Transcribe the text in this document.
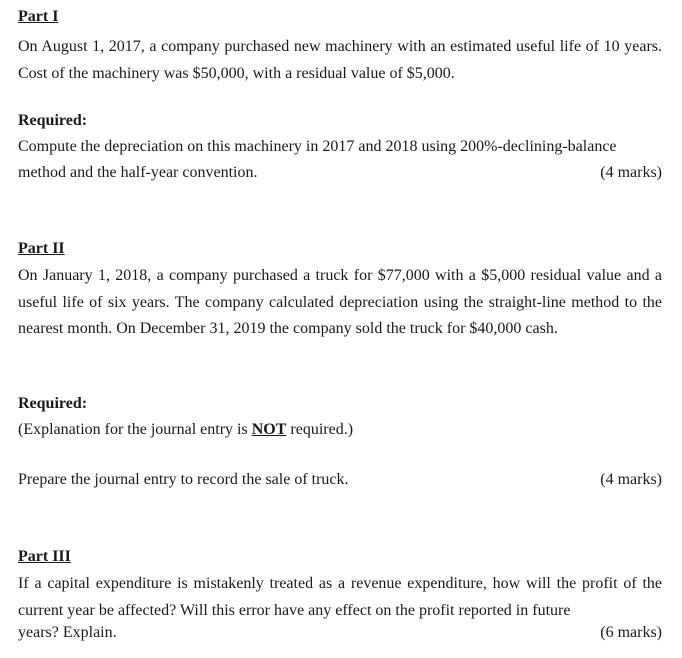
Part I
On August 1, 2017, a company purchased new machinery with an estimated useful life of 10 years. Cost of the machinery was $50,000, with a residual value of $5,000.
Required:
Compute the depreciation on this machinery in 2017 and 2018 using 200%-declining-balance
method and the half-year convention.	(4 marks)
Part II
On January 1, 2018, a company purchased a truck for $77,000 with a $5,000 residual value and a useful life of six years. The company calculated depreciation using the straight-line method to the nearest month. On December 31, 2019 the company sold the truck for $40,000 cash.
Required:
(Explanation for the journal entry is NOT required.)
Prepare the journal entry to record the sale of truck.	(4 marks)
Part III
If a capital expenditure is mistakenly treated as a revenue expenditure, how will the profit of the current year be affected? Will this error have any effect on the profit reported in future
years? Explain.	(6 marks)
